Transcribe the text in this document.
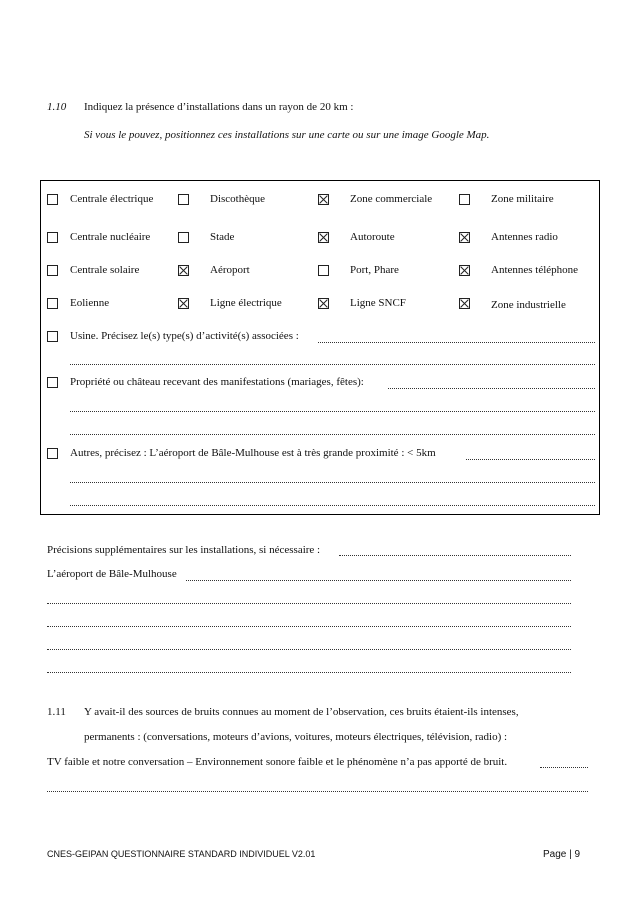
1.10 Indiquez la présence d’installations dans un rayon de 20 km :
Si vous le pouvez, positionnez ces installations sur une carte ou sur une image Google Map.
Centrale électrique	Discothèque	Zone commerciale	Zone militaire
Centrale nucléaire	Stade	Autoroute	Antennes radio
Centrale solaire	Aéroport	Port, Phare	Antennes téléphone
Eolienne	Ligne électrique	Ligne SNCF	Zone industrielle
Usine. Précisez le(s) type(s) d’activité(s) associées :
Propriété ou château recevant des manifestations (mariages, fêtes):
Autres, précisez : L’aéroport de Bâle-Mulhouse est à très grande proximité : < 5km
Précisions supplémentaires sur les installations, si nécessaire :
L’aéroport de Bâle-Mulhouse
1.11 Y avait-il des sources de bruits connues au moment de l’observation, ces bruits étaient-ils intenses,
permanents : (conversations, moteurs d’avions, voitures, moteurs électriques, télévision, radio) :
TV faible et notre conversation – Environnement sonore faible et le phénomène n’a pas apporté de bruit.
CNES-GEIPAN QUESTIONNAIRE STANDARD INDIVIDUEL V2.01	Page | 9
